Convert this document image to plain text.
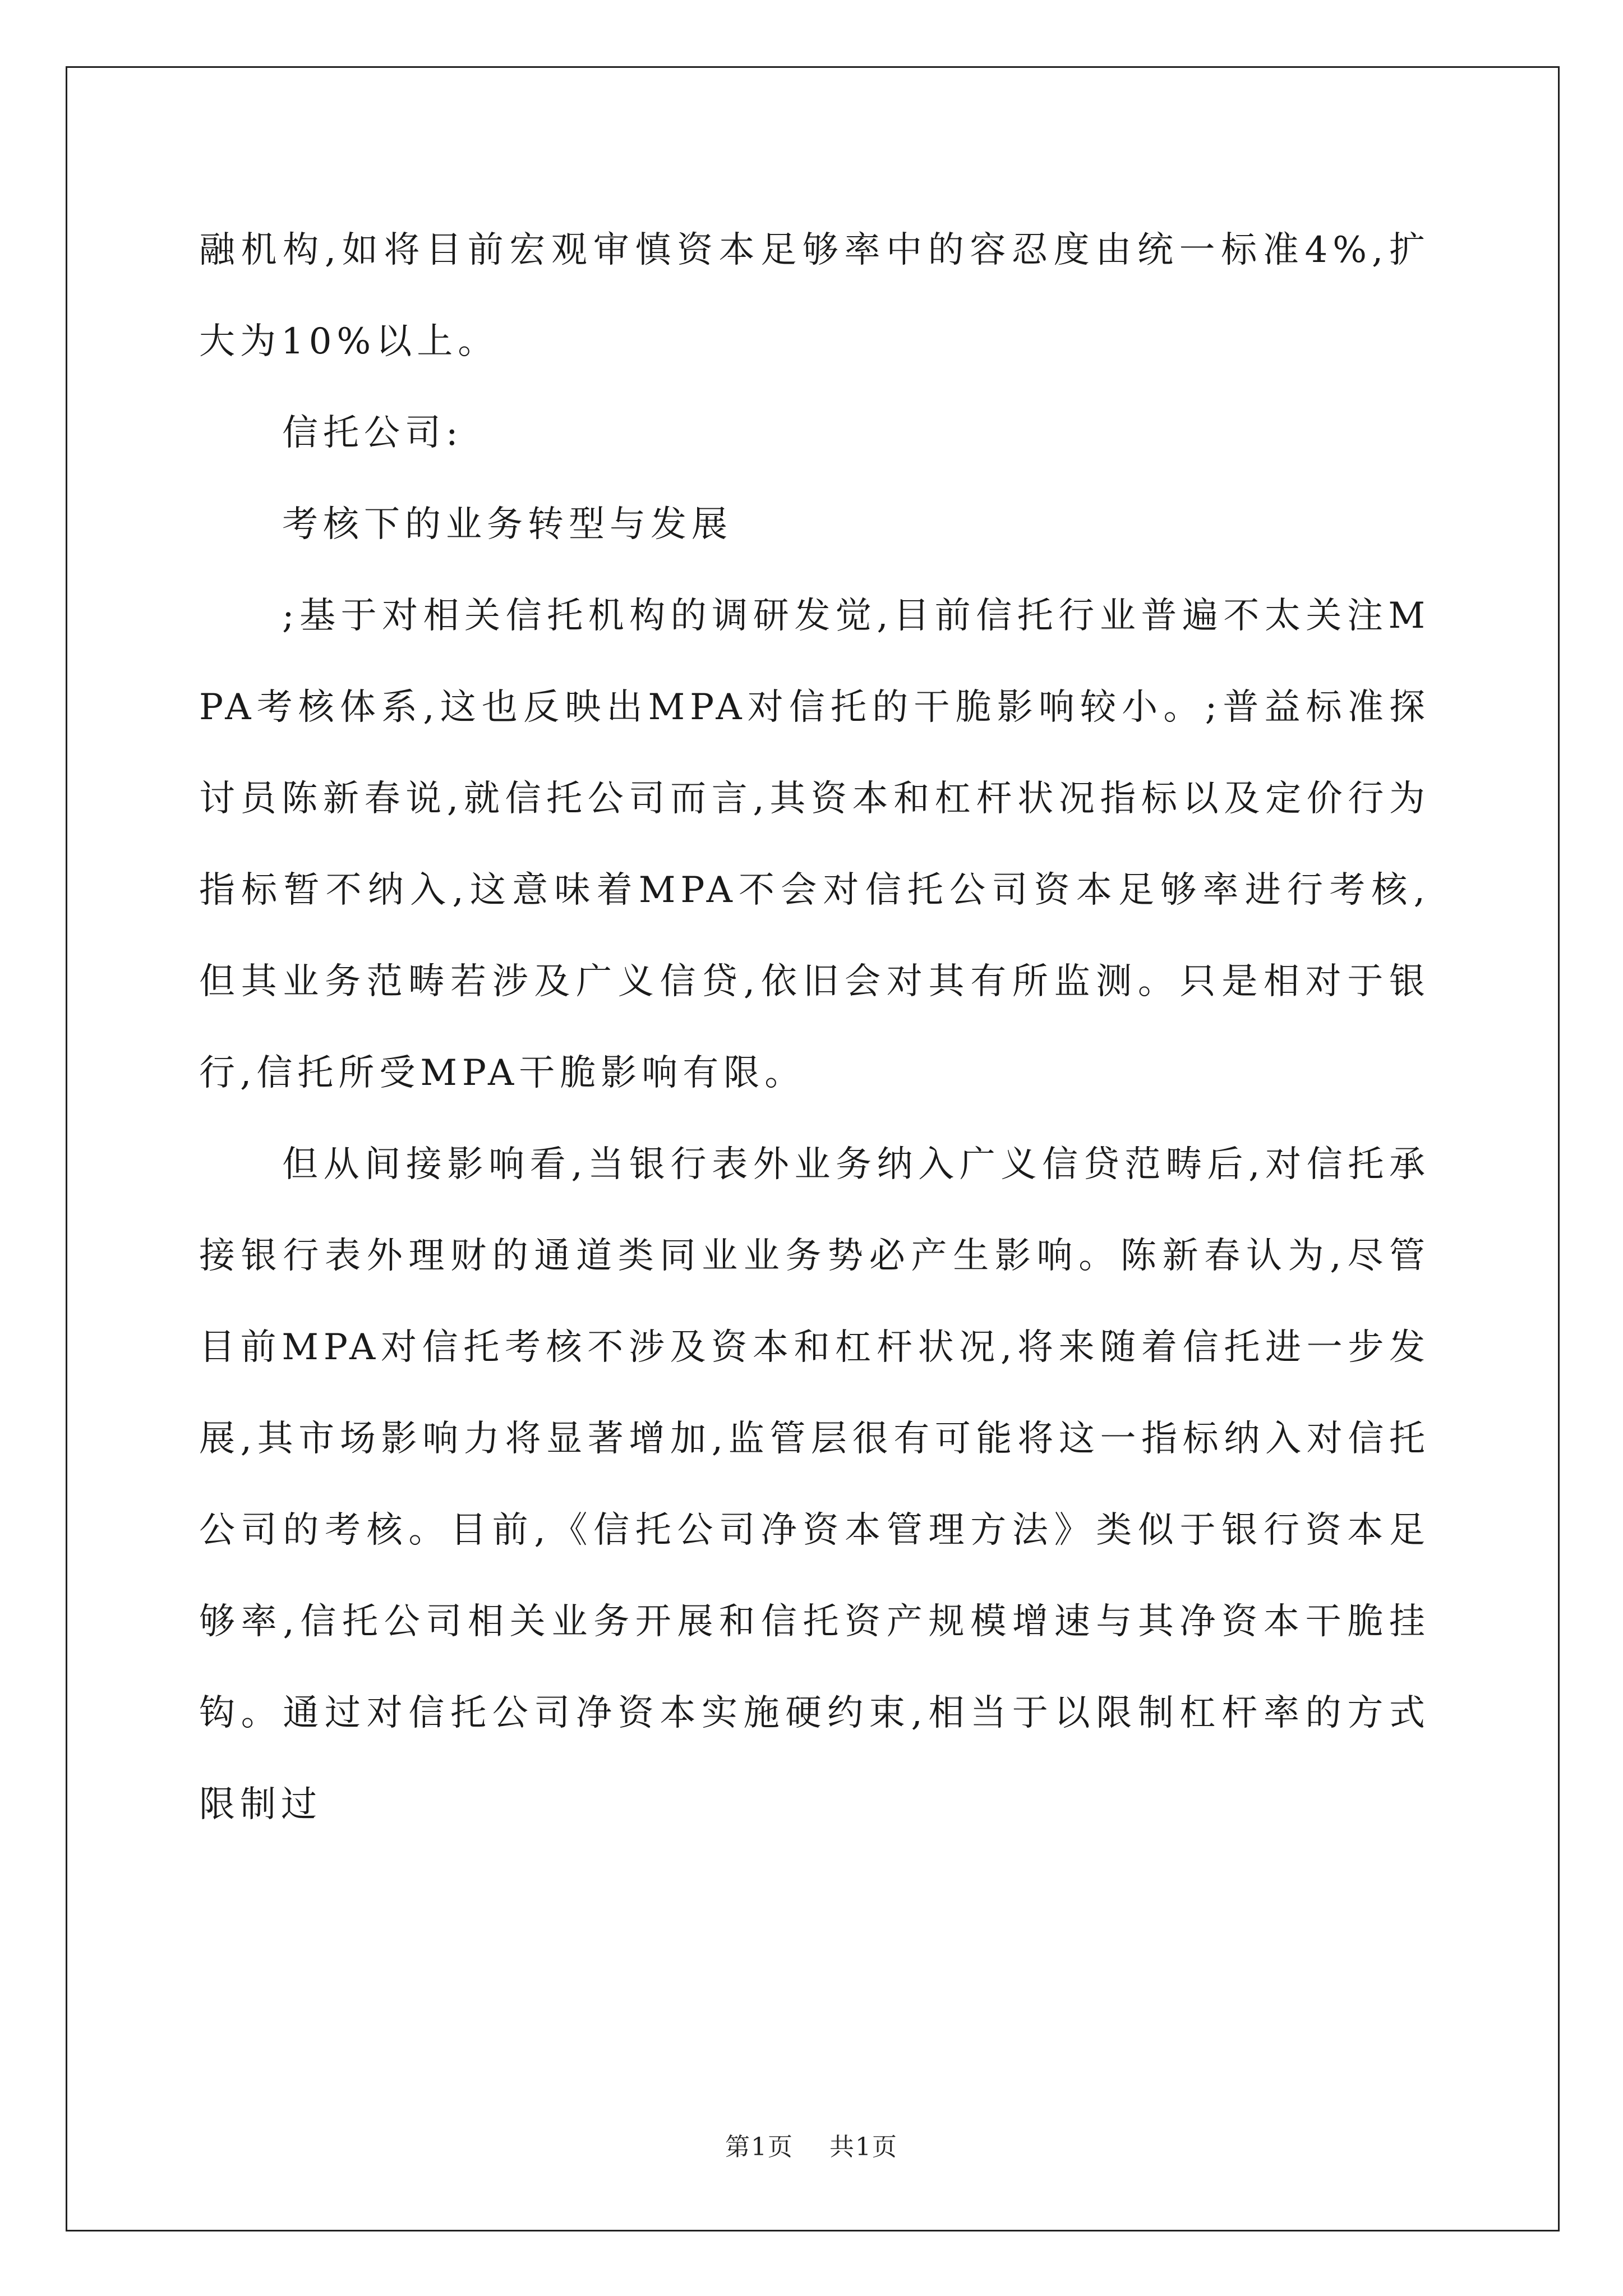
融机构,如将目前宏观审慎资本足够率中的容忍度由统一标准4%,扩大为10%以上。

信托公司:

考核下的业务转型与发展

;基于对相关信托机构的调研发觉,目前信托行业普遍不太关注MPA考核体系,这也反映出MPA对信托的干脆影响较小。;普益标准探讨员陈新春说,就信托公司而言,其资本和杠杆状况指标以及定价行为指标暂不纳入,这意味着MPA不会对信托公司资本足够率进行考核,但其业务范畴若涉及广义信贷,依旧会对其有所监测。只是相对于银行,信托所受MPA干脆影响有限。

但从间接影响看,当银行表外业务纳入广义信贷范畴后,对信托承接银行表外理财的通道类同业业务势必产生影响。陈新春认为,尽管目前MPA对信托考核不涉及资本和杠杆状况,将来随着信托进一步发展,其市场影响力将显著增加,监管层很有可能将这一指标纳入对信托公司的考核。目前,《信托公司净资本管理方法》类似于银行资本足够率,信托公司相关业务开展和信托资产规模增速与其净资本干脆挂钩。通过对信托公司净资本实施硬约束,相当于以限制杠杆率的方式限制过

第1页 共1页
